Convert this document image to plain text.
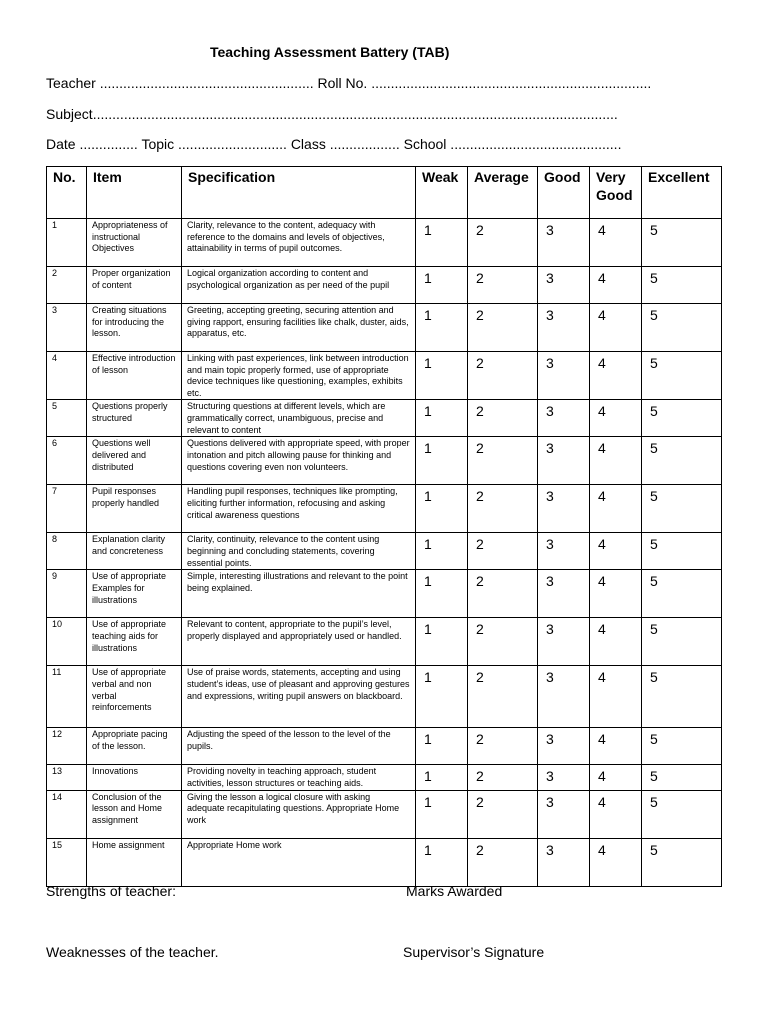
Teaching Assessment Battery (TAB)
Teacher ....................................................... Roll No. ........................................................................
Subject.......................................................................................................................................
Date ............... Topic ............................ Class .................. School ............................................
No.	Item	Specification	Weak	Average	Good	Very Good	Excellent
1	Appropriateness of instructional Objectives	Clarity, relevance to the content, adequacy with reference to the domains and levels of objectives, attainability in terms of pupil outcomes.	1	2	3	4	5
2	Proper organization of content	Logical organization according to content and psychological organization as per need of the pupil	1	2	3	4	5
3	Creating situations for introducing the lesson.	Greeting, accepting greeting, securing attention and giving rapport, ensuring facilities like chalk, duster, aids, apparatus, etc.	1	2	3	4	5
4	Effective introduction of lesson	Linking with past experiences, link between introduction and main topic properly formed, use of appropriate device techniques like questioning, examples, exhibits etc.	1	2	3	4	5
5	Questions properly structured	Structuring questions at different levels, which are grammatically correct, unambiguous, precise and relevant to content	1	2	3	4	5
6	Questions well delivered and distributed	Questions delivered with appropriate speed, with proper intonation and pitch allowing pause for thinking and questions covering even non volunteers.	1	2	3	4	5
7	Pupil responses properly handled	Handling pupil responses, techniques like prompting, eliciting further information, refocusing and asking critical awareness questions	1	2	3	4	5
8	Explanation clarity and concreteness	Clarity, continuity, relevance to the content using beginning and concluding statements, covering essential points.	1	2	3	4	5
9	Use of appropriate Examples for illustrations	Simple, interesting illustrations and relevant to the point being explained.	1	2	3	4	5
10	Use of appropriate teaching aids for illustrations	Relevant to content, appropriate to the pupil’s level, properly displayed and appropriately used or handled.	1	2	3	4	5
11	Use of appropriate verbal and non verbal reinforcements	Use of praise words, statements, accepting and using student’s ideas, use of pleasant and approving gestures and expressions, writing pupil answers on blackboard.	1	2	3	4	5
12	Appropriate pacing of the lesson.	Adjusting the speed of the lesson to the level of the pupils.	1	2	3	4	5
13	Innovations	Providing novelty in teaching approach, student activities, lesson structures or teaching aids.	1	2	3	4	5
14	Conclusion of the lesson and Home assignment	Giving the lesson a logical closure with asking adequate recapitulating questions. Appropriate Home work	1	2	3	4	5
15	Home assignment	Appropriate Home work	1	2	3	4	5
Strengths of teacher:	Marks Awarded
Weaknesses of the teacher.	Supervisor’s Signature
